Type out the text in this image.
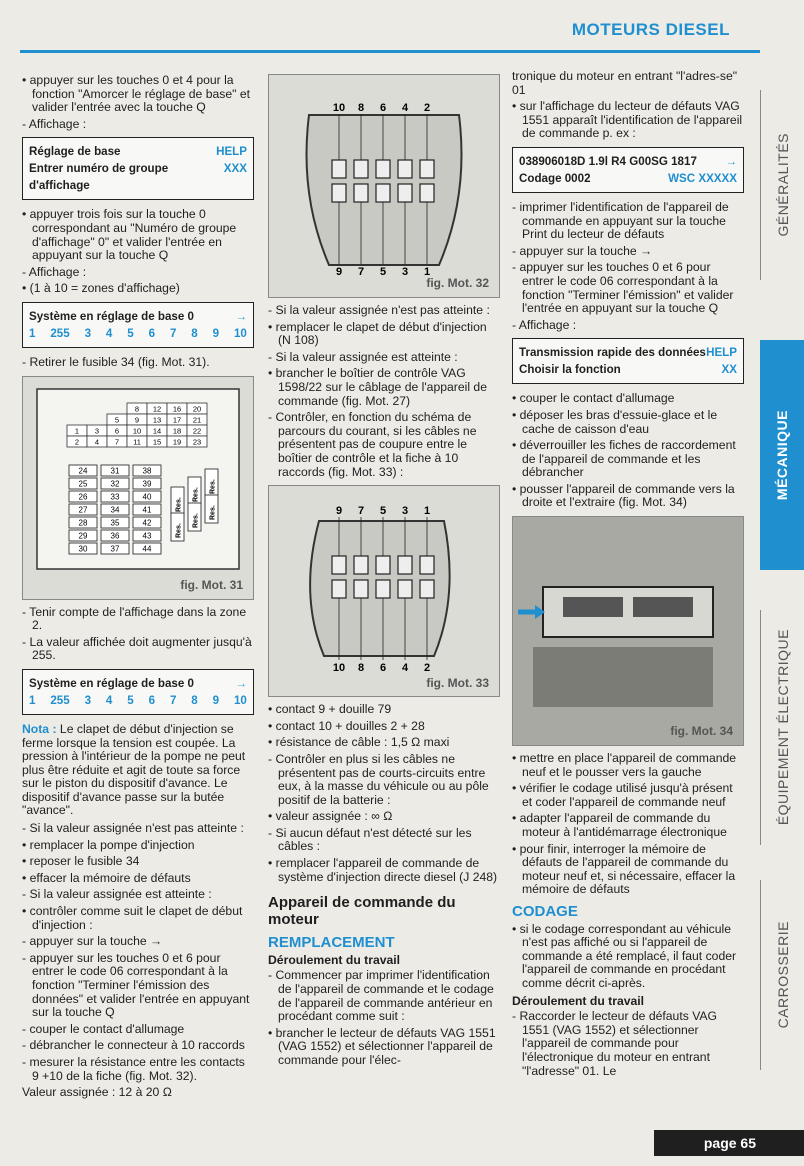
MOTEURS DIESEL

• appuyer sur les touches 0 et 4 pour la fonction "Amorcer le réglage de base" et valider l'entrée avec la touche Q

- Affichage :

Réglage de base	HELP
Entrer numéro de groupe d'affichage
XXX

• appuyer trois fois sur la touche 0 correspondant au "Numéro de groupe d'affichage" 0" et valider l'entrée en appuyant sur la touche Q

- Affichage :

• (1 à 10 = zones d'affichage)

Système en réglage de base 0	→
1 255 3 4 5 6 7 8 9 10

- Retirer le fusible 34 (fig. Mot. 31).

8 12 16 20
5 9 13 17 21
1 3 6 10 14 18 22
2 4 7 11 15 19 23
24	31	38
25	32	39
26	33	40
27	34	41
28	35	42
29	36	43
30	37	44
Res.
Res.
Res.
Res.
Res.
Res.
fig. Mot. 31

- Tenir compte de l'affichage dans la zone 2.

- La valeur affichée doit augmenter jusqu'à 255.

Système en réglage de base 0	→
1 255 3 4 5 6 7 8 9 10

Nota : Le clapet de début d'injection se ferme lorsque la tension est coupée. La pression à l'intérieur de la pompe ne peut plus être réduite et agit de toute sa force sur le piston du dispositif d'avance. Le dispositif d'avance passe sur la butée "avance".

- Si la valeur assignée n'est pas atteinte :

• remplacer la pompe d'injection

• reposer le fusible 34

• effacer la mémoire de défauts

- Si la valeur assignée est atteinte :

• contrôler comme suit le clapet de début d'injection :

- appuyer sur la touche →

- appuyer sur les touches 0 et 6 pour entrer le code 06 correspondant à la fonction "Terminer l'émission des données" et valider l'entrée en appuyant sur la touche Q

- couper le contact d'allumage

- débrancher le connecteur à 10 raccords

- mesurer la résistance entre les contacts 9 +10 de la fiche (fig. Mot. 32).

Valeur assignée : 12 à 20 Ω

10 8 6 4 2
9 7 5 3 1
fig. Mot. 32

- Si la valeur assignée n'est pas atteinte :

• remplacer le clapet de début d'injection (N 108)

- Si la valeur assignée est atteinte :

• brancher le boîtier de contrôle VAG 1598/22 sur le câblage de l'appareil de commande (fig. Mot. 27)

- Contrôler, en fonction du schéma de parcours du courant, si les câbles ne présentent pas de coupure entre le boîtier de contrôle et la fiche à 10 raccords (fig. Mot. 33) :

9 7 5 3 1
10 8 6 4 2
fig. Mot. 33

• contact 9 + douille 79

• contact 10 + douilles 2 + 28

• résistance de câble : 1,5 Ω maxi

- Contrôler en plus si les câbles ne présentent pas de courts-circuits entre eux, à la masse du véhicule ou au pôle positif de la batterie :

• valeur assignée : ∞ Ω

- Si aucun défaut n'est détecté sur les câbles :

• remplacer l'appareil de commande de système d'injection directe diesel (J 248)

Appareil de commande du moteur
REMPLACEMENT
Déroulement du travail

- Commencer par imprimer l'identification de l'appareil de commande et le codage de l'appareil de commande antérieur en procédant comme suit :

• brancher le lecteur de défauts VAG 1551 (VAG 1552) et sélectionner l'appareil de commande pour l'élec-

tronique du moteur en entrant "l'adres-se" 01

• sur l'affichage du lecteur de défauts VAG 1551 apparaît l'identification de l'appareil de commande p. ex :

038906018D 1.9l R4 G00SG 1817 →
Codage 0002	WSC XXXXX

- imprimer l'identification de l'appareil de commande en appuyant sur la touche Print du lecteur de défauts

- appuyer sur la touche →

- appuyer sur les touches 0 et 6 pour entrer le code 06 correspondant à la fonction "Terminer l'émission" et valider l'entrée en appuyant sur la touche Q

- Affichage :

Transmission rapide des données HELP
Choisir la fonction	XX

• couper le contact d'allumage

• déposer les bras d'essuie-glace et le cache de caisson d'eau

• déverrouiller les fiches de raccordement de l'appareil de commande et les débrancher

• pousser l'appareil de commande vers la droite et l'extraire (fig. Mot. 34)

fig. Mot. 34

• mettre en place l'appareil de commande neuf et le pousser vers la gauche

• vérifier le codage utilisé jusqu'à présent et coder l'appareil de commande neuf

• adapter l'appareil de commande du moteur à l'antidémarrage électronique

• pour finir, interroger la mémoire de défauts de l'appareil de commande du moteur neuf et, si nécessaire, effacer la mémoire de défauts

CODAGE

• si le codage correspondant au véhicule n'est pas affiché ou si l'appareil de commande a été remplacé, il faut coder l'appareil de commande en procédant comme décrit ci-après.

Déroulement du travail

- Raccorder le lecteur de défauts VAG 1551 (VAG 1552) et sélectionner l'appareil de commande pour l'électronique du moteur en entrant "l'adresse" 01. Le

GÉNÉRALITÉS
MÉCANIQUE
ÉQUIPEMENT ÉLECTRIQUE
CARROSSERIE
page 65
